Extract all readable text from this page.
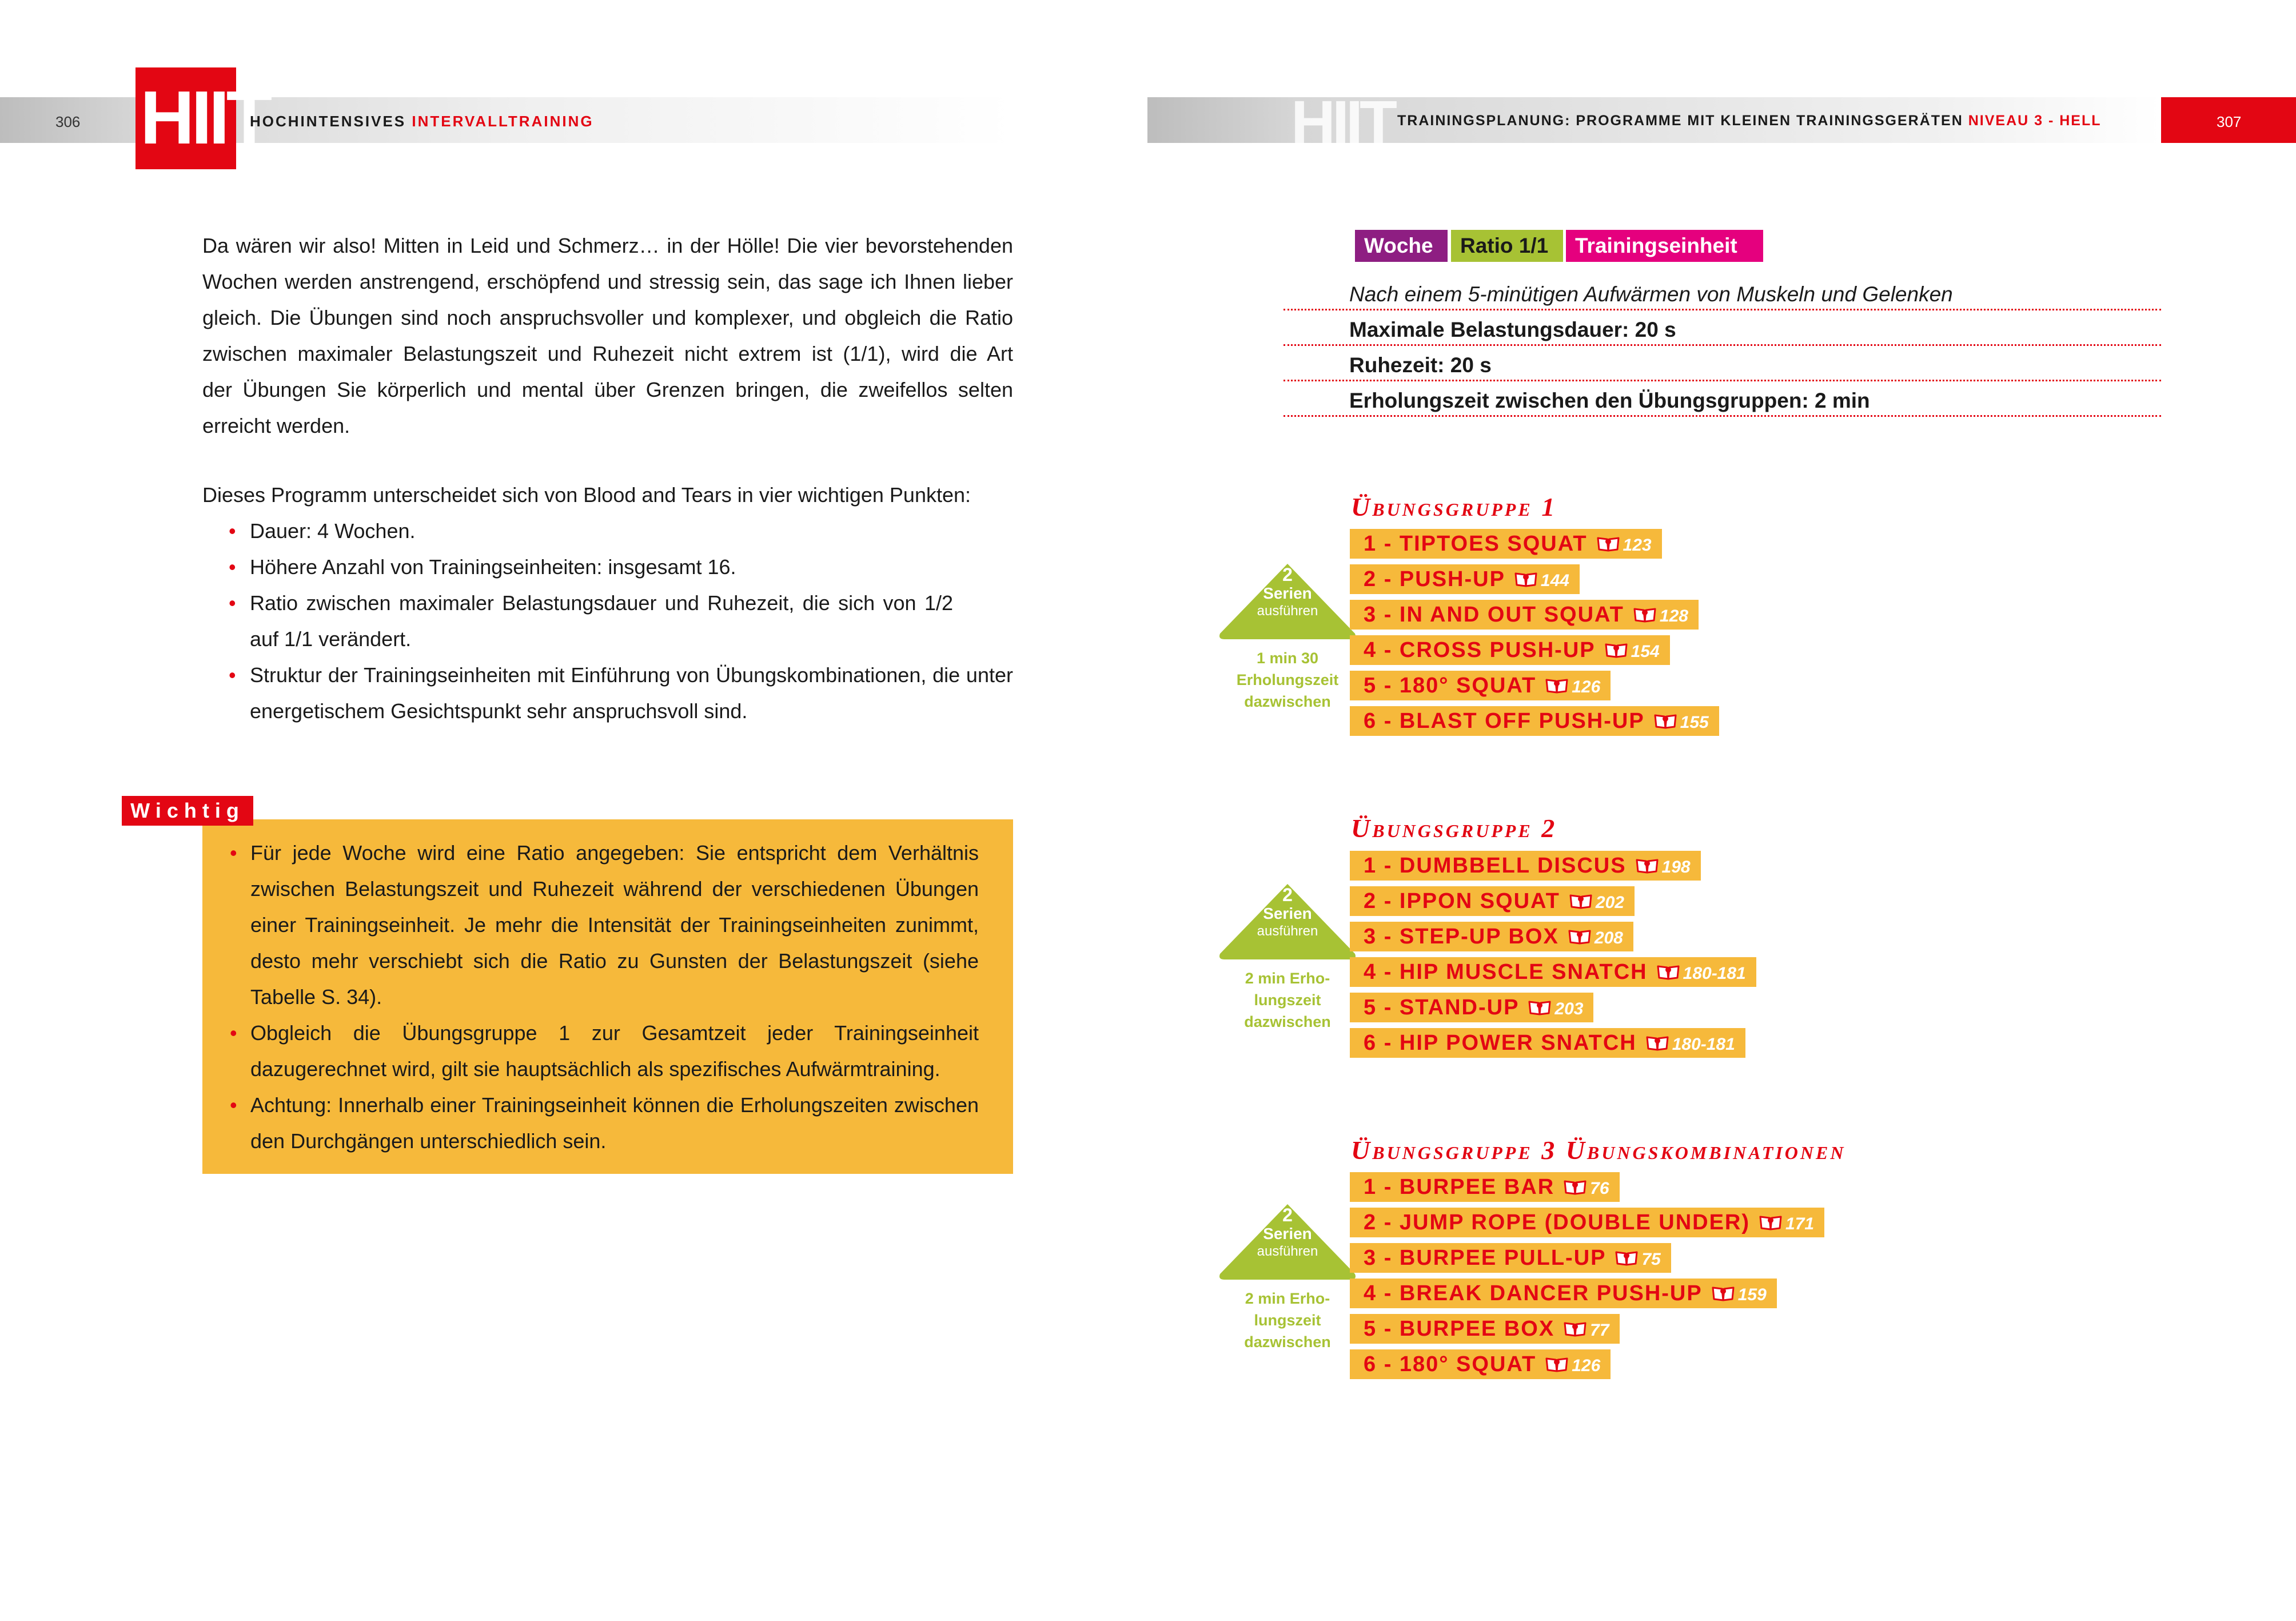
306 HIIT
HOCHINTENSIVES INTERVALLTRAINING
Da wären wir also! Mitten in Leid und Schmerz… in der Hölle! Die vier bevorstehenden
Wochen werden anstrengend, erschöpfend und stressig sein, das sage ich Ihnen lieber
gleich. Die Übungen sind noch anspruchsvoller und komplexer, und obgleich die Ratio
zwischen maximaler Belastungszeit und Ruhezeit nicht extrem ist (1/1), wird die Art
der Übungen Sie körperlich und mental über Grenzen bringen, die zweifellos selten
erreicht werden.
Dieses Programm unterscheidet sich von Blood and Tears in vier wichtigen Punkten:
• Dauer: 4 Wochen.
• Höhere Anzahl von Trainingseinheiten: insgesamt 16.
• Ratio zwischen maximaler Belastungsdauer und Ruhezeit, die sich von 1/2 auf 1/1 verändert.
• Struktur der Trainingseinheiten mit Einführung von Übungskombinationen, die unter energetischem Gesichtspunkt sehr anspruchsvoll sind.
Wichtig
• Für jede Woche wird eine Ratio angegeben: Sie entspricht dem Verhältnis zwischen Belastungszeit und Ruhezeit während der verschiedenen Übungen einer Trainingseinheit. Je mehr die Intensität der Trainingseinheiten zunimmt, desto mehr verschiebt sich die Ratio zu Gunsten der Belastungszeit (siehe Tabelle S. 34).
• Obgleich die Übungsgruppe 1 zur Gesamtzeit jeder Trainingseinheit dazugerechnet wird, gilt sie hauptsächlich als spezifisches Aufwärmtraining.
• Achtung: Innerhalb einer Trainingseinheit können die Erholungszeiten zwischen den Durchgängen unterschiedlich sein.
HIIT TRAININGSPLANUNG: PROGRAMME MIT KLEINEN TRAININGSGERÄTEN NIVEAU 3 - HELL	307
Woche 1
Ratio 1/1	Trainingseinheit 1
Nach einem 5-minütigen Aufwärmen von Muskeln und Gelenken
Maximale Belastungsdauer: 20 s
Ruhezeit: 20 s
Erholungszeit zwischen den Übungsgruppen: 2 min
Übungsgruppe 1
2
Serien
ausführen
1 min 30
Erholungszeit
dazwischen
1 - TIPTOES SQUAT 123
2 - PUSH-UP 144
3 - IN AND OUT SQUAT 128
4 - CROSS PUSH-UP 154
5 - 180° SQUAT 126
6 - BLAST OFF PUSH-UP 155
Übungsgruppe 2
2
Serien
ausführen
2 min Erho-
lungszeit
dazwischen
1 - DUMBBELL DISCUS 198
2 - IPPON SQUAT 202
3 - STEP-UP BOX 208
4 - HIP MUSCLE SNATCH 180-181
5 - STAND-UP 203
6 - HIP POWER SNATCH 180-181
Übungsgruppe 3 Übungskombinationen
2
Serien
ausführen
2 min Erho-
lungszeit
dazwischen
1 - BURPEE BAR 76
2 - JUMP ROPE (DOUBLE UNDER) 171
3 - BURPEE PULL-UP 75
4 - BREAK DANCER PUSH-UP 159
5 - BURPEE BOX 77
6 - 180° SQUAT 126
